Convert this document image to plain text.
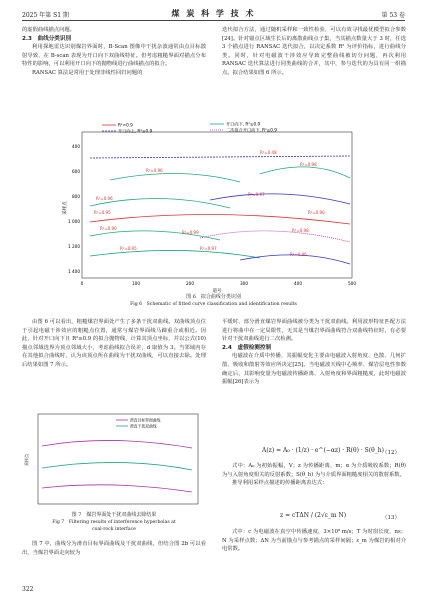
2025 年第 S1 期	煤 炭 科 学 技 术	第 53 卷

的虚假曲线描点问题。

2.3　曲线分类识别

利用探地雷达识别煤岩界面时，B-Scan 图像中干扰杂波通常由点目标散射导致，在 B-scan 表现为开口向下双曲线特征。但考虑粗糙界面对描点分布特性的影响，可以利用开口向下的抛物线进行曲线描点的拟合。

RANSAC 算法是常用于处理非线性回归问题的

迭代拟合方法，通过随机采样和一致性检验，可以有效寻找最优模型拟合参数[24]。针对锚点区域生长后的离散曲线点子集，当其描点数量大于 3 时，任选 3 个描点进行 RANSAC 迭代拟合，以决定系数 R² 为评价指标，进行曲线分类。同时，针对电磁波干涉效应导致完整曲线被切分问题，再次利用 RANSAC 迭代算法进行同类曲线的合并，其中，参与迭代的为具有同一组描点。拟合结果如图 6 所示。

R²<0.9	开口向下, R²≥0.9
开口向上, R²≥0.9	二次拟合开口向下, R²≥0.9
R²=0.48
R²=0.96
R²=0.98
R²=0.96
R²=0.97
R²=0.95	R²=0.96
R²=0.90
R²=0.99	R²=0.98
R²=0.95	R²=0.97
R²=0.96
400
600
800
1 000
1 200
1 400
采样点
0	100	200	300	400	500
道号
图 6　拟合曲线分类识别
Fig 6　Schematic of fitted curve classification and identification results

由图 6 可以看出，粗糙煤岩界面处产生了多条干扰双曲线。双曲线顶点位于引起电磁干涉效应的粗糙点位置，通常与煤岩界面线马蹄重合或相近。因此，针对开口向下且 R²≥0.9 的拟合抛物线，计算其顶点坐标，并以公式(10)描点邻域选界为顶点邻域大小，考虑曲线拟合误差，d 取值为 3。当邻域内存在其他拟合曲线时，认为该顶点所在曲线为干扰双曲线，可以直接去除。处理后结果如图 7 所示。

滑直目标界面曲线
滑直干扰双曲线
采样点
图 7　煤岩界面处干扰双曲线去除结果
Fig 7　Filtering results of interference hyperbolas at
coal-rock interface

图 7 中，曲线分为滑直目标界面曲线及干扰双曲线，但结合图 2b 可以看出，当煤岩界面走向较为

平缓时，部分滑直煤岩界面曲线被分类为干扰双曲线。利用波形特征匹配方法进行将曲中在一定局限性，无其是当煤岩界面曲线符合双曲线特征时，有必要针对干扰双曲线进行二次检测。

2.4　虚假检测控制

电磁波在介质中传播，其振幅变化主要由电磁波入射角度、色散、几何扩散、吸收和散射等效应所决定[25]。当电磁波天线中心频率、煤岩层电性参数确定后，其影响变量为电磁波传播距离、入射角度和界面粗糙度，此时电磁波振幅[26]表示为

A(z) = A₀ · (1/z) · e^(−αz) · R(θ) · S(θ_h)
（12）

式中：A₀ 为初始振幅，V；z 为传播距离，m；α 为介质吸收系数；R(θ) 为与入射角度相关的反射系数；S(θ_h) 为与介质界面粗糙度相关的散射系数。

推导利用采样点描述的传播距离表达式：

z = cTΔN / (2√ε_m N)	（13）

式中：c 为电磁波在真空中传播速度，3×10⁸ m/s；T 为时窗长度，ns；N 为采样点数；ΔN 为当前锚点与参考锚点的采样间隔；ε_m 为煤岩的相对介电常数。

322
